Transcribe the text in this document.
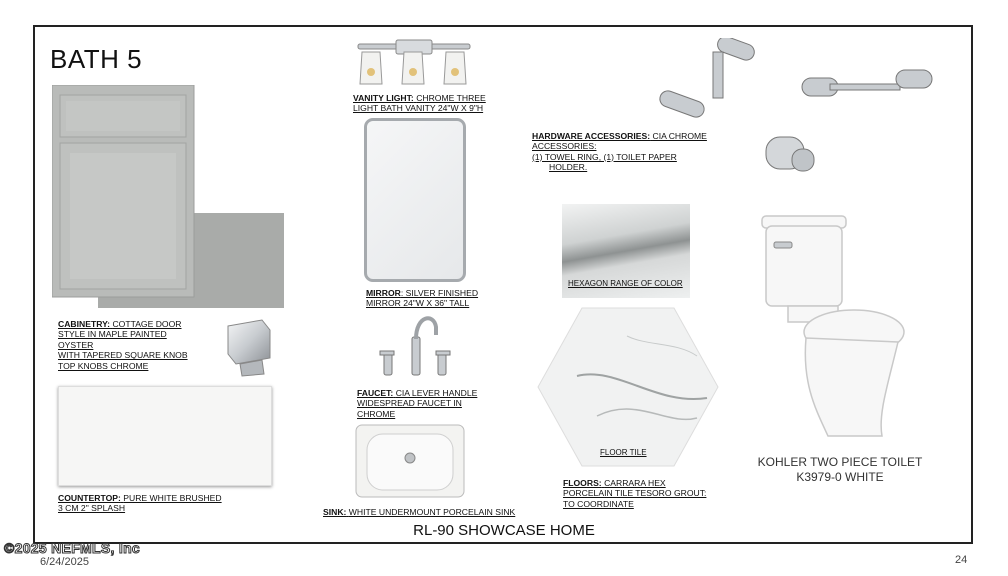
BATH 5
CABINETRY: COTTAGE DOOR
STYLE IN MAPLE PAINTED
OYSTER
WITH TAPERED SQUARE KNOB
TOP KNOBS CHROME
COUNTERTOP: PURE WHITE BRUSHED
3 CM 2" SPLASH
VANITY LIGHT: CHROME THREE
LIGHT BATH VANITY 24"W X 9"H
MIRROR: SILVER FINISHED
MIRROR 24"W X 36" TALL
FAUCET: CIA LEVER HANDLE
WIDESPREAD FAUCET IN
CHROME
SINK: WHITE UNDERMOUNT PORCELAIN SINK
HARDWARE ACCESSORIES: CIA CHROME
ACCESSORIES:
(1) TOWEL RING, (1) TOILET PAPER
HOLDER.
HEXAGON RANGE OF COLOR
FLOOR TILE
FLOORS: CARRARA HEX
PORCELAIN TILE TESORO GROUT:
TO COORDINATE
KOHLER TWO PIECE TOILET
K3979-0 WHITE
RL-90 SHOWCASE HOME
©2025 NEFMLS, Inc
6/24/2025	24
